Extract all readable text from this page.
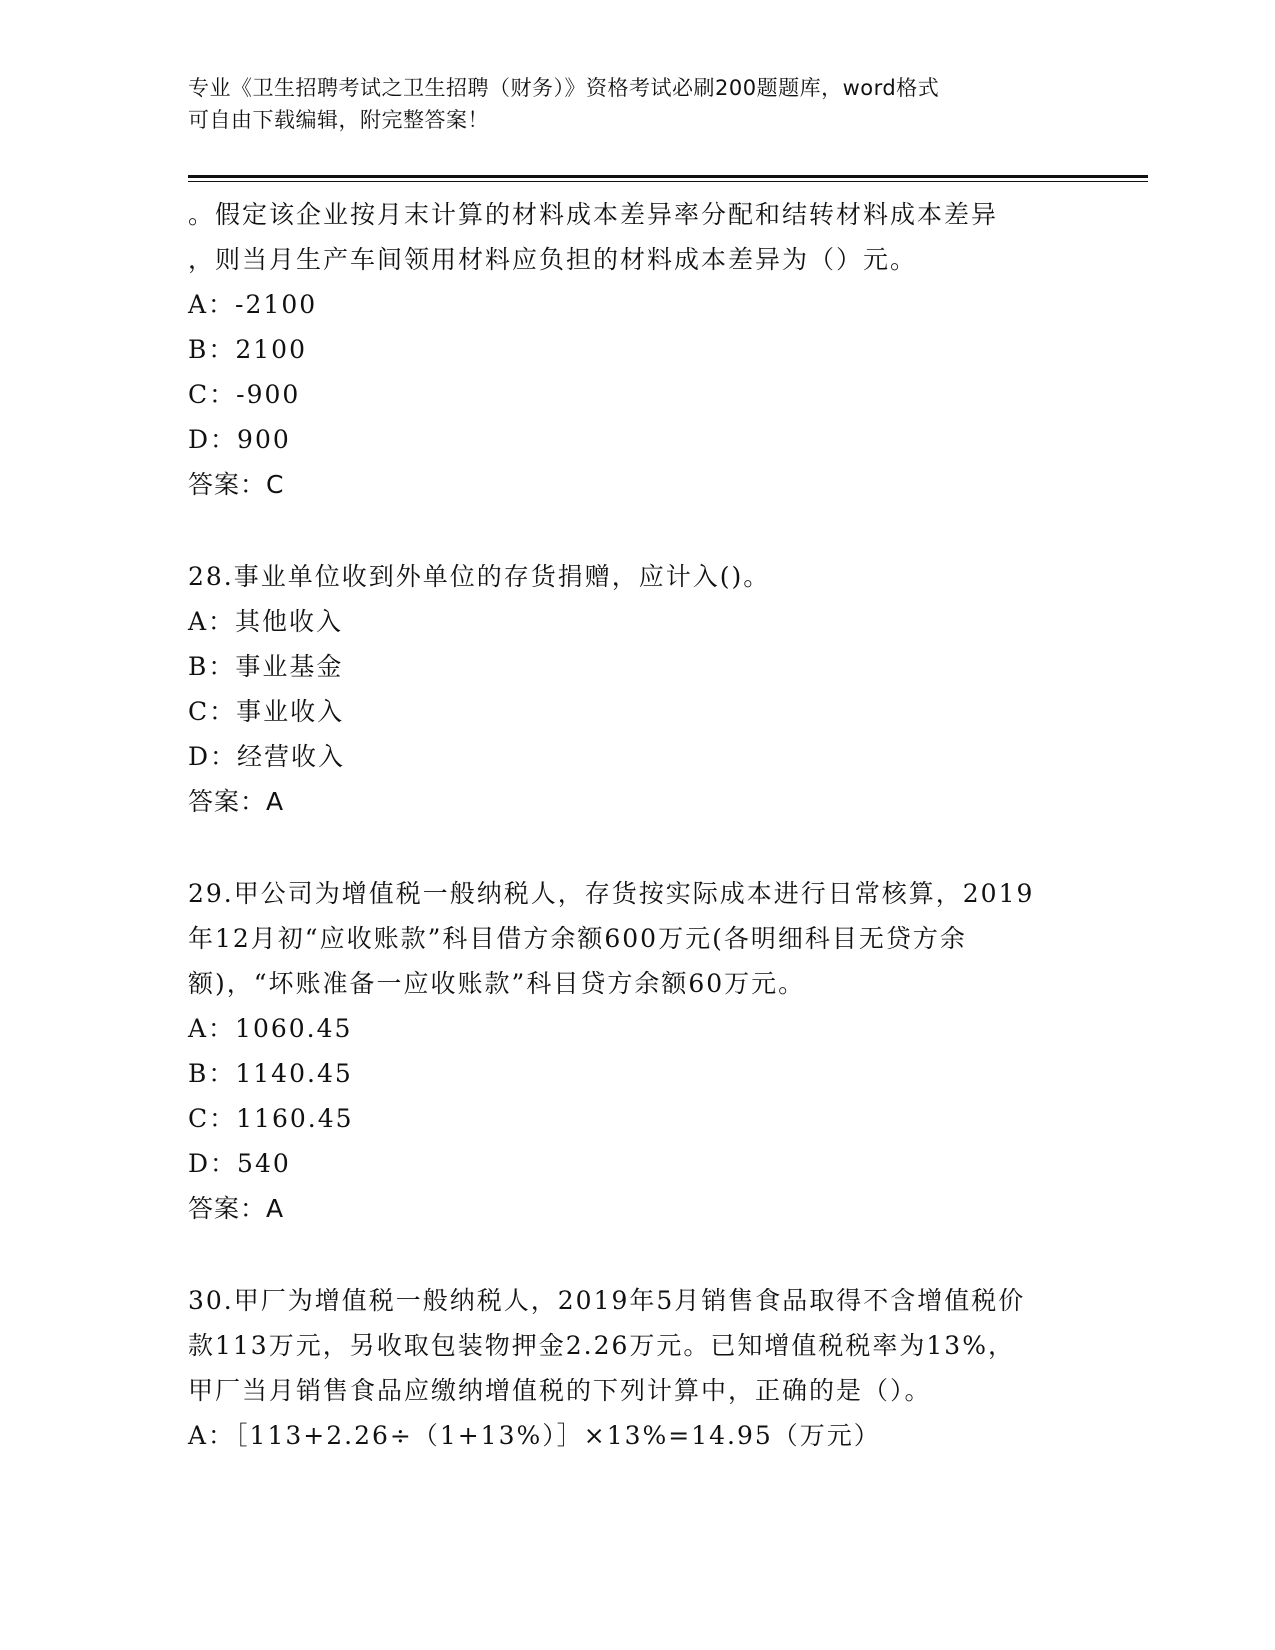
专业《卫生招聘考试之卫生招聘（财务）》资格考试必刷200题题库，word格式
可自由下载编辑，附完整答案！
。假定该企业按月末计算的材料成本差异率分配和结转材料成本差异
，则当月生产车间领用材料应负担的材料成本差异为（）元。
A：-2100
B：2100
C：-900
D：900
答案：C
28.事业单位收到外单位的存货捐赠，应计入()。
A：其他收入
B：事业基金
C：事业收入
D：经营收入
答案：A
29.甲公司为增值税一般纳税人，存货按实际成本进行日常核算，2019
年12月初“应收账款”科目借方余额600万元(各明细科目无贷方余
额)，“坏账准备一应收账款”科目贷方余额60万元。
A：1060.45
B：1140.45
C：1160.45
D：540
答案：A
30.甲厂为增值税一般纳税人，2019年5月销售食品取得不含增值税价
款113万元，另收取包装物押金2.26万元。已知增值税税率为13%，
甲厂当月销售食品应缴纳增值税的下列计算中，正确的是（）。
A：［113+2.26÷（1+13%）］×13%=14.95（万元）
